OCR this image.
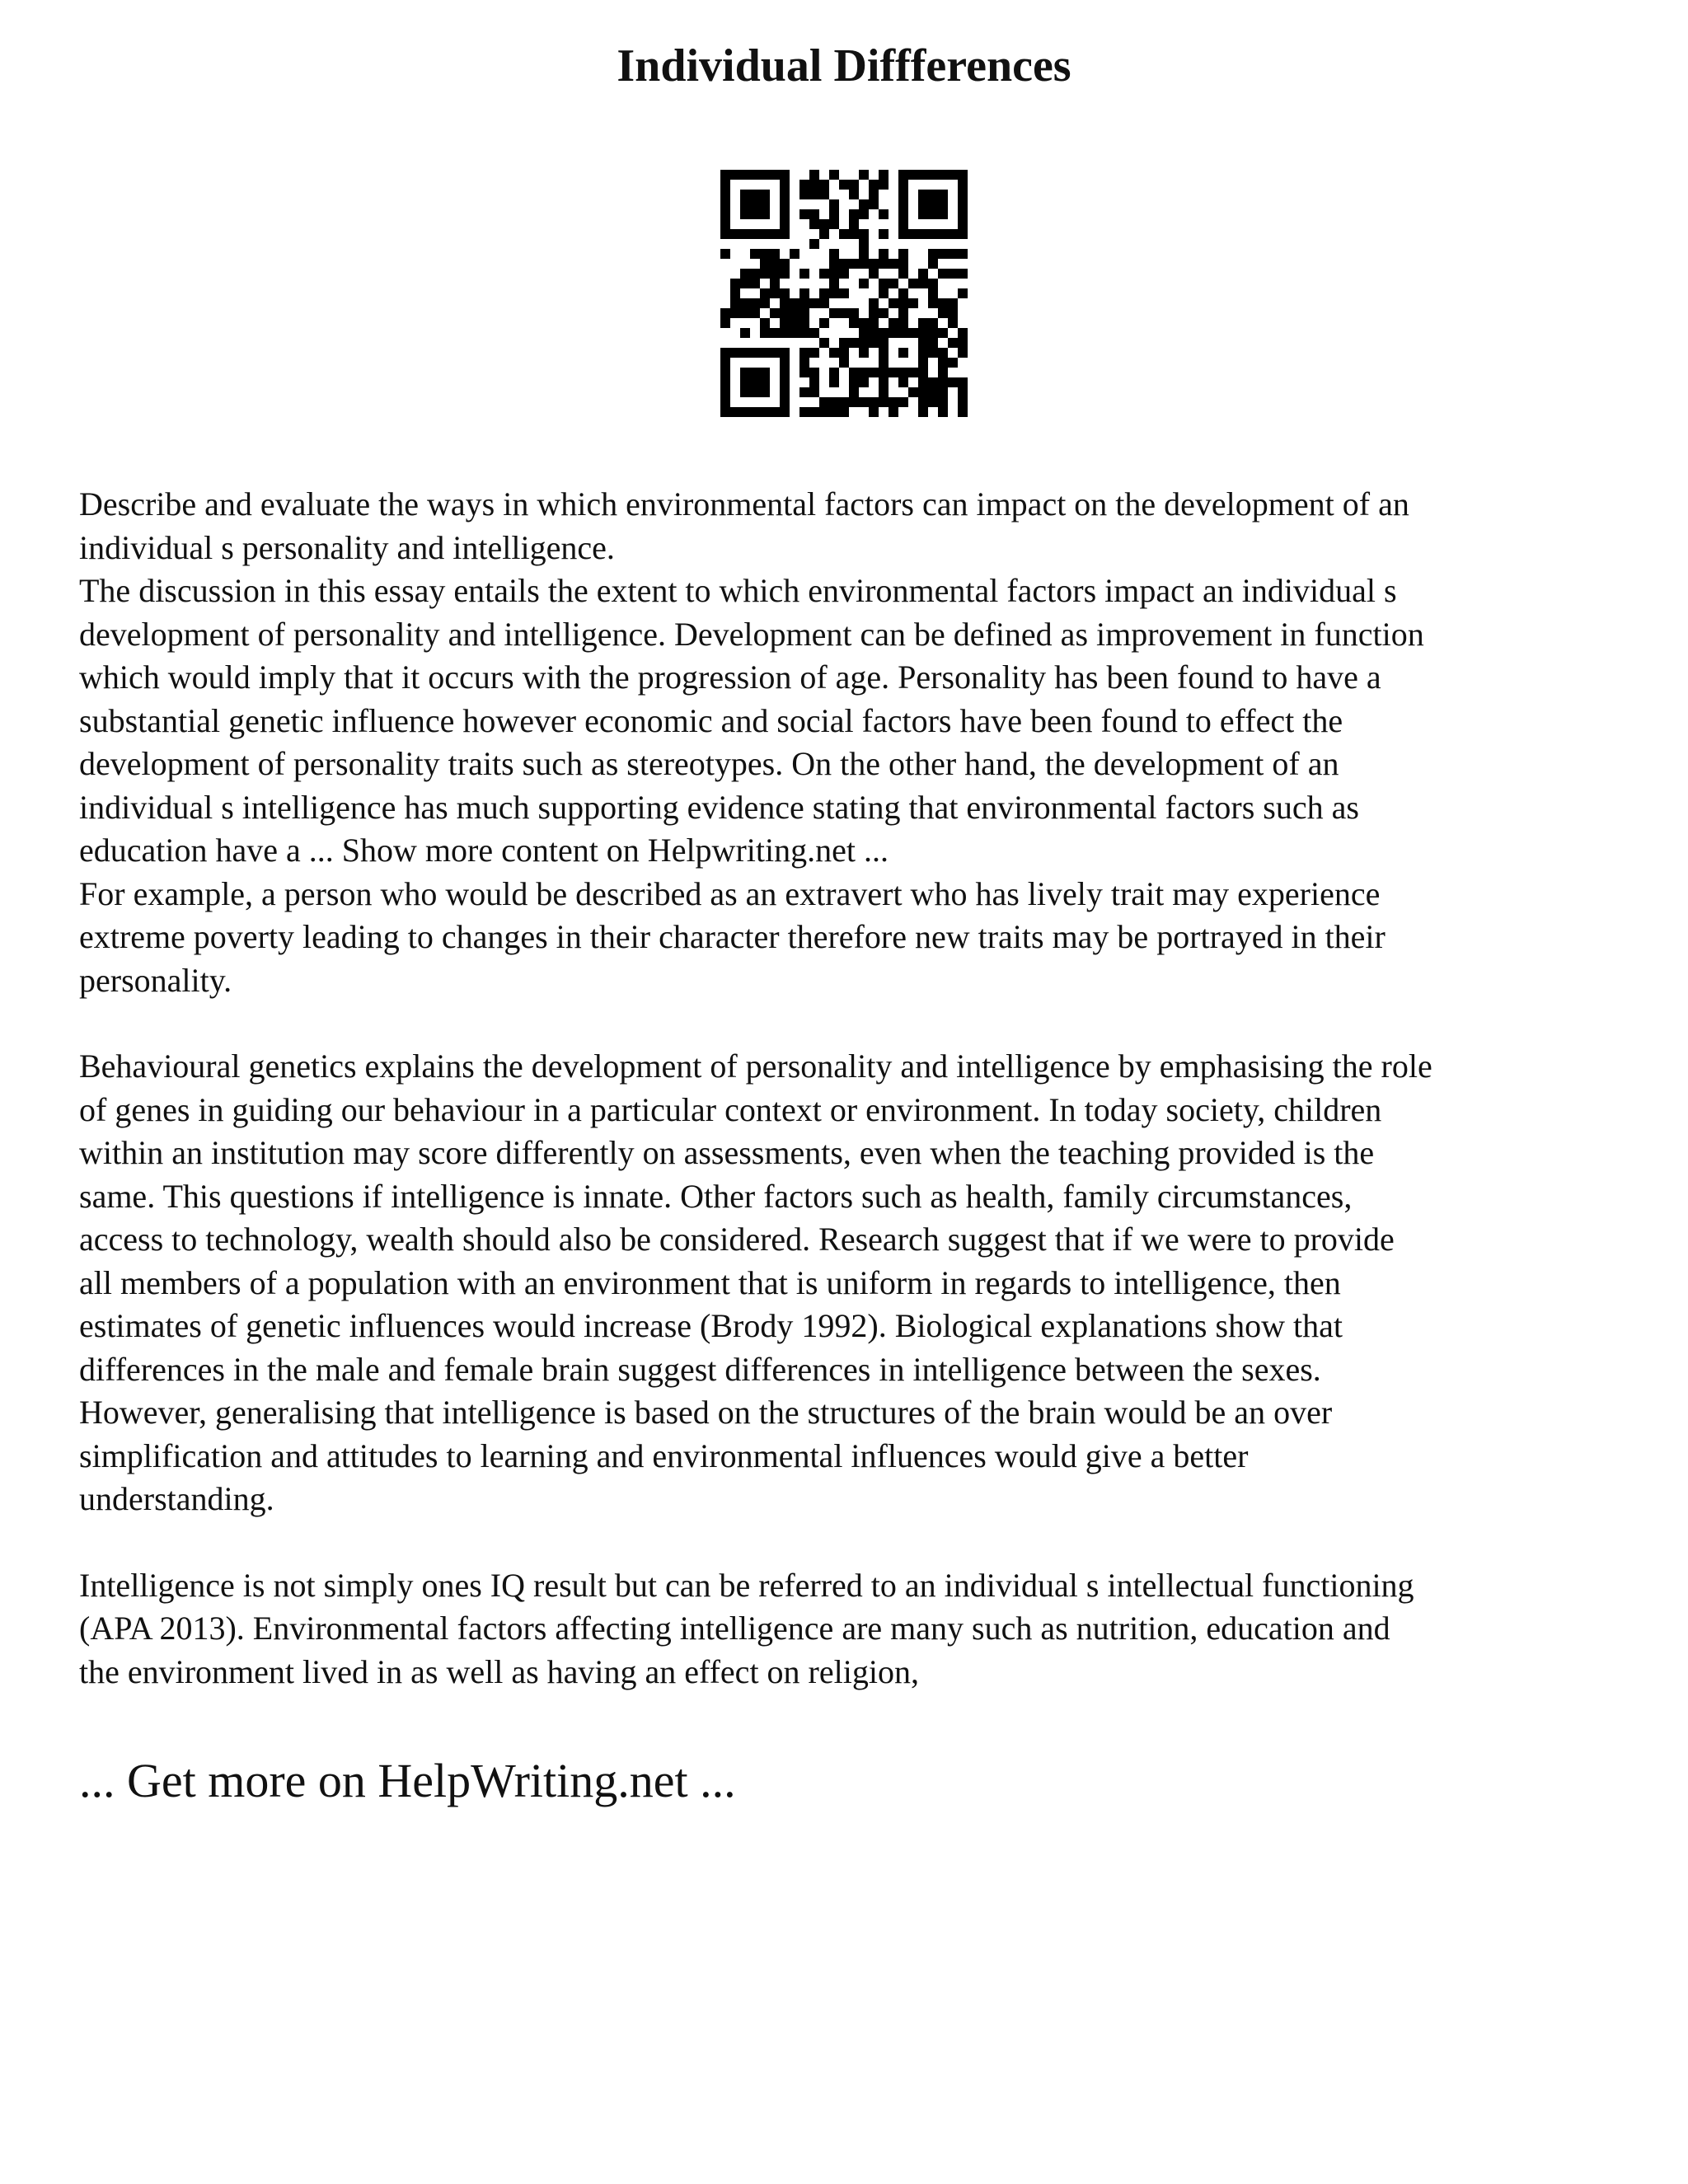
Individual Diffferences

Describe and evaluate the ways in which environmental factors can impact on the development of an
individual s personality and intelligence.

The discussion in this essay entails the extent to which environmental factors impact an individual s
development of personality and intelligence. Development can be defined as improvement in function
which would imply that it occurs with the progression of age. Personality has been found to have a
substantial genetic influence however economic and social factors have been found to effect the
development of personality traits such as stereotypes. On the other hand, the development of an
individual s intelligence has much supporting evidence stating that environmental factors such as
education have a ... Show more content on Helpwriting.net ...

For example, a person who would be described as an extravert who has lively trait may experience
extreme poverty leading to changes in their character therefore new traits may be portrayed in their
personality.

Behavioural genetics explains the development of personality and intelligence by emphasising the role
of genes in guiding our behaviour in a particular context or environment. In today society, children
within an institution may score differently on assessments, even when the teaching provided is the
same. This questions if intelligence is innate. Other factors such as health, family circumstances,
access to technology, wealth should also be considered. Research suggest that if we were to provide
all members of a population with an environment that is uniform in regards to intelligence, then
estimates of genetic influences would increase (Brody 1992). Biological explanations show that
differences in the male and female brain suggest differences in intelligence between the sexes.
However, generalising that intelligence is based on the structures of the brain would be an over
simplification and attitudes to learning and environmental influences would give a better
understanding.

Intelligence is not simply ones IQ result but can be referred to an individual s intellectual functioning
(APA 2013). Environmental factors affecting intelligence are many such as nutrition, education and
the environment lived in as well as having an effect on religion,

... Get more on HelpWriting.net ...
